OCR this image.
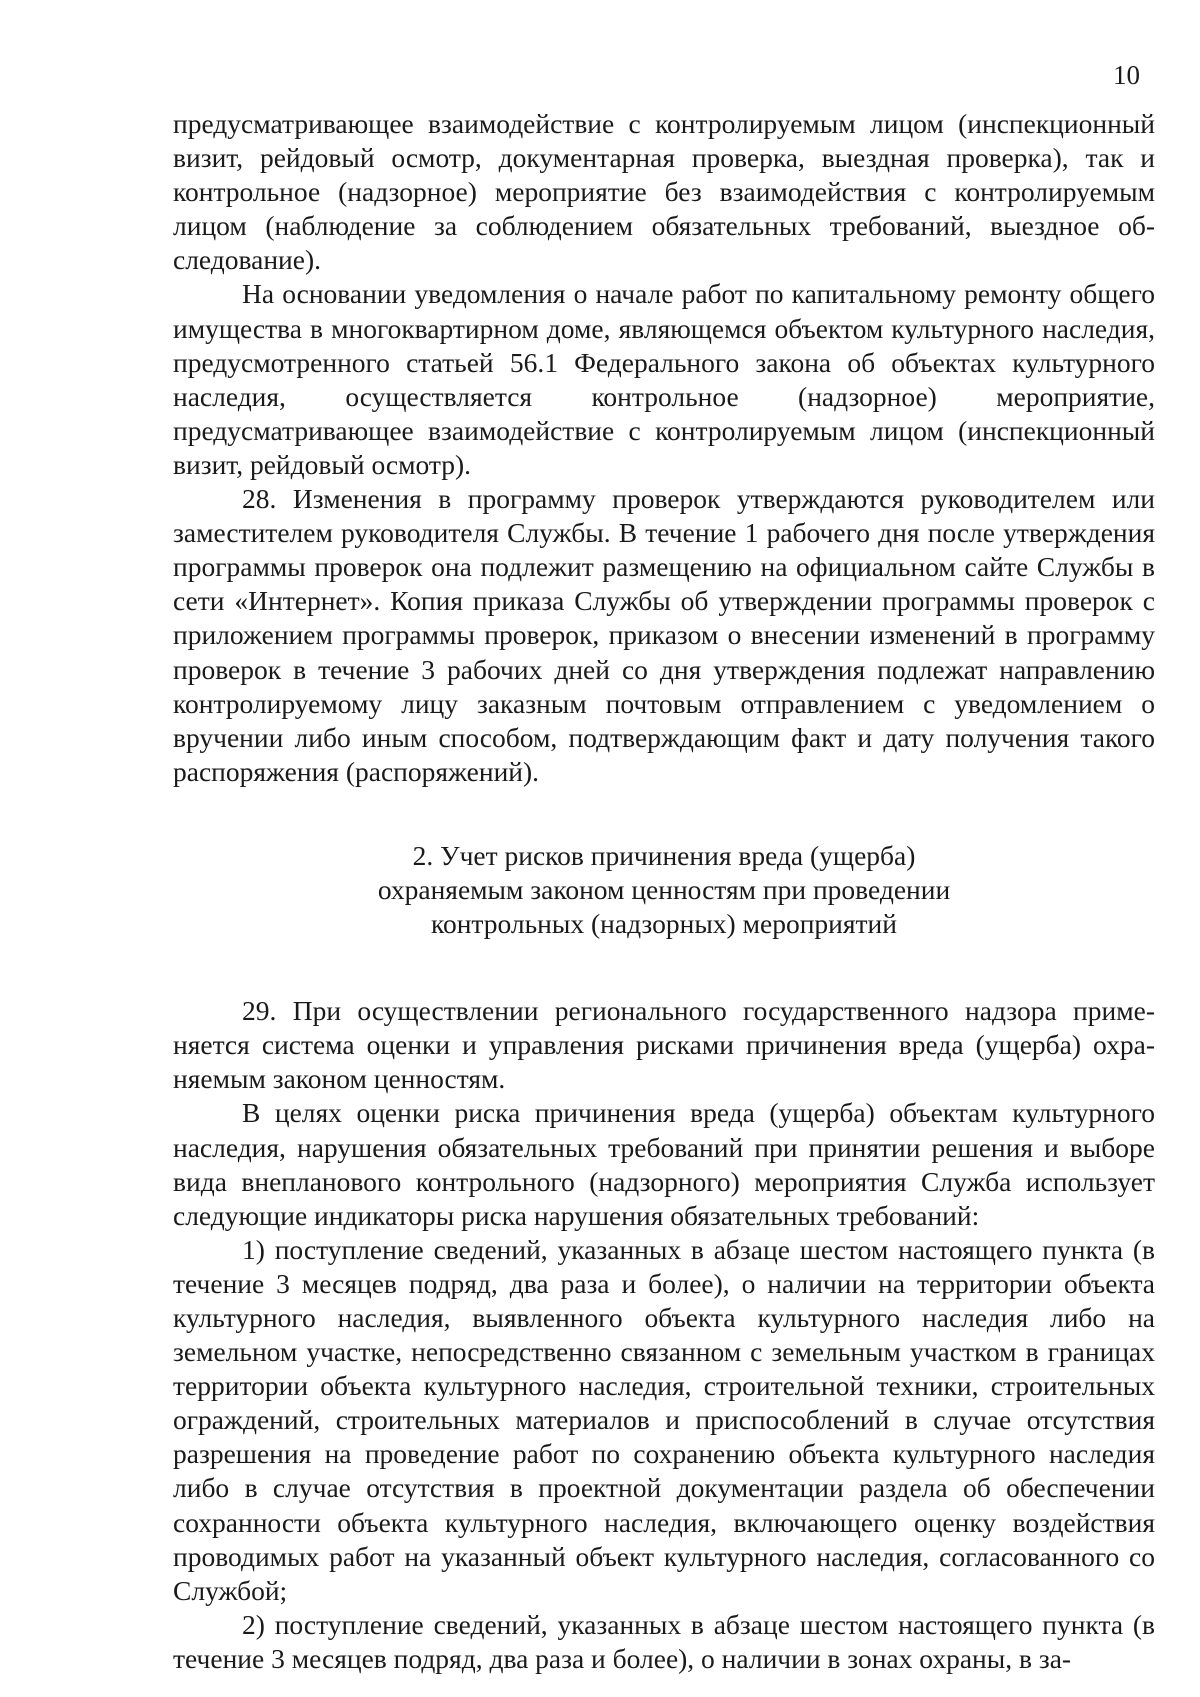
10

предусматривающее взаимодействие с контролируемым лицом (инспекционный визит, рейдовый осмотр, документарная проверка, выездная проверка), так и контрольное (надзорное) мероприятие без взаимодействия с контролируемым лицом (наблюдение за соблюдением обязательных требований, выездное обследование).

На основании уведомления о начале работ по капитальному ремонту общего имущества в многоквартирном доме, являющемся объектом культурного наследия, предусмотренного статьей 56.1 Федерального закона об объектах культурного наследия, осуществляется контрольное (надзорное) мероприятие, предусматривающее взаимодействие с контролируемым лицом (инспекционный визит, рейдовый осмотр).

28. Изменения в программу проверок утверждаются руководителем или заместителем руководителя Службы. В течение 1 рабочего дня после утверждения программы проверок она подлежит размещению на официальном сайте Службы в сети «Интернет». Копия приказа Службы об утверждении программы проверок с приложением программы проверок, приказом о внесении изменений в программу проверок в течение 3 рабочих дней со дня утверждения подлежат направлению контролируемому лицу заказным почтовым отправлением с уведомлением о вручении либо иным способом, подтверждающим факт и дату получения такого распоряжения (распоряжений).

2. Учет рисков причинения вреда (ущерба)
охраняемым законом ценностям при проведении
контрольных (надзорных) мероприятий

29. При осуществлении регионального государственного надзора применяется система оценки и управления рисками причинения вреда (ущерба) охраняемым законом ценностям.

В целях оценки риска причинения вреда (ущерба) объектам культурного наследия, нарушения обязательных требований при принятии решения и выборе вида внепланового контрольного (надзорного) мероприятия Служба использует следующие индикаторы риска нарушения обязательных требований:

1) поступление сведений, указанных в абзаце шестом настоящего пункта (в течение 3 месяцев подряд, два раза и более), о наличии на территории объекта культурного наследия, выявленного объекта культурного наследия либо на земельном участке, непосредственно связанном с земельным участком в границах территории объекта культурного наследия, строительной техники, строительных ограждений, строительных материалов и приспособлений в случае отсутствия разрешения на проведение работ по сохранению объекта культурного наследия либо в случае отсутствия в проектной документации раздела об обеспечении сохранности объекта культурного наследия, включающего оценку воздействия проводимых работ на указанный объект культурного наследия, согласованного со Службой;

2) поступление сведений, указанных в абзаце шестом настоящего пункта (в течение 3 месяцев подряд, два раза и более), о наличии в зонах охраны, в за-
